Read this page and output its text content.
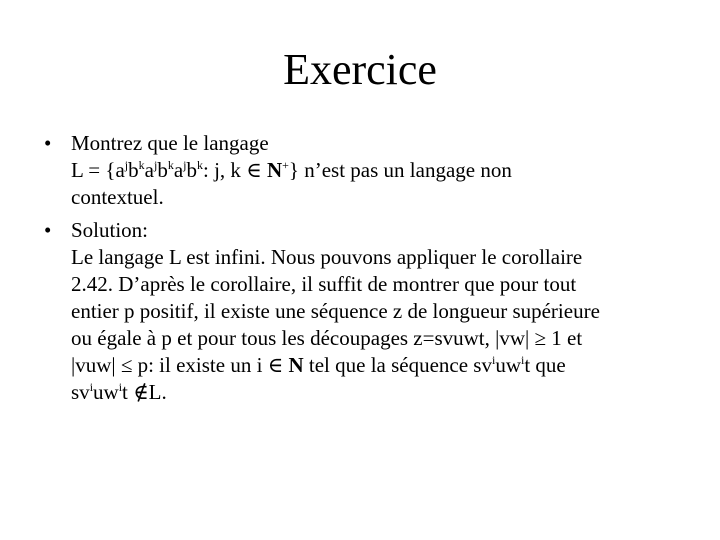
Exercice
• Montrez que le langage
$L = \{a^jb^ka^jb^ka^jb^k$: j, k ∈ N+} n’est pas un langage non
contextuel.
• Solution:
Le langage L est infini. Nous pouvons appliquer le corollaire
2.42. D’après le corollaire, il suffit de montrer que pour tout
entier p positif, il existe une séquence z de longueur supérieure
ou égale à p et pour tous les découpages z=svuwt, |vw| ≥ 1 et
|vuw| ≤ p: il existe un i ∈ N tel que la séquence $sv^iuw^it$ que
$sv^iuw^it$ ∉L.
